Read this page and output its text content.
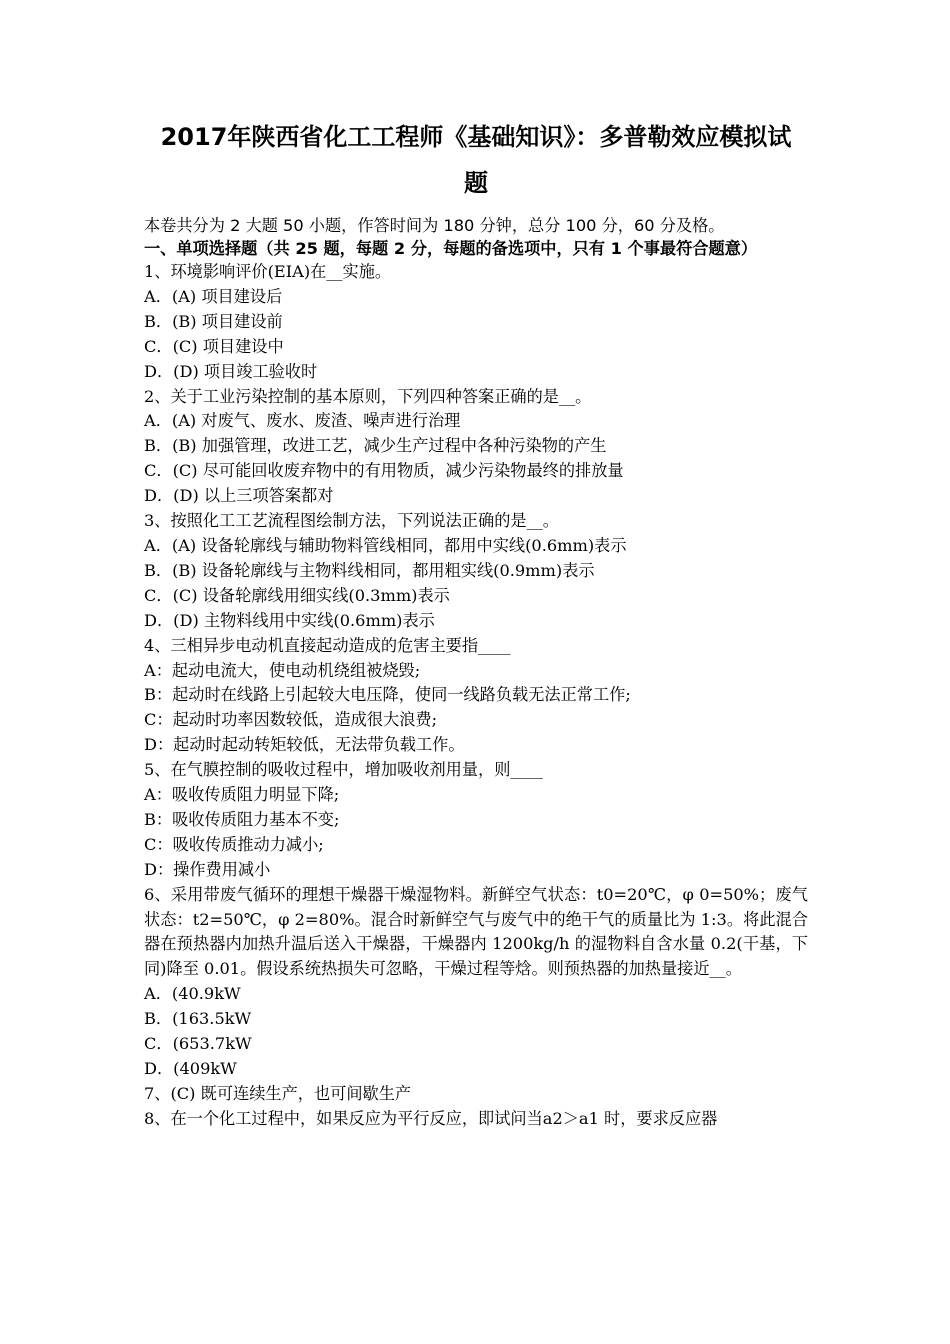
2017年陕西省化工工程师《基础知识》：多普勒效应模拟试
题
本卷共分为 2 大题 50 小题，作答时间为 180 分钟，总分 100 分，60 分及格。
一、单项选择题（共 25 题，每题 2 分，每题的备选项中，只有 1 个事最符合题意）
1、环境影响评价(EIA)在__实施。
A．(A) 项目建设后
B．(B) 项目建设前
C．(C) 项目建设中
D．(D) 项目竣工验收时
2、关于工业污染控制的基本原则，下列四种答案正确的是__。
A．(A) 对废气、废水、废渣、噪声进行治理
B．(B) 加强管理，改进工艺，减少生产过程中各种污染物的产生
C．(C) 尽可能回收废弃物中的有用物质，减少污染物最终的排放量
D．(D) 以上三项答案都对
3、按照化工工艺流程图绘制方法，下列说法正确的是__。
A．(A) 设备轮廓线与辅助物料管线相同，都用中实线(0.6mm)表示
B．(B) 设备轮廓线与主物料线相同，都用粗实线(0.9mm)表示
C．(C) 设备轮廓线用细实线(0.3mm)表示
D．(D) 主物料线用中实线(0.6mm)表示
4、三相异步电动机直接起动造成的危害主要指____
A：起动电流大，使电动机绕组被烧毁;
B：起动时在线路上引起较大电压降，使同一线路负载无法正常工作;
C：起动时功率因数较低，造成很大浪费;
D：起动时起动转矩较低，无法带负载工作。
5、在气膜控制的吸收过程中，增加吸收剂用量，则____
A：吸收传质阻力明显下降;
B：吸收传质阻力基本不变;
C：吸收传质推动力减小;
D：操作费用减小
6、采用带废气循环的理想干燥器干燥湿物料。新鲜空气状态：t0=20℃，φ 0=50%；废气状态：t2=50℃，φ 2=80%。混合时新鲜空气与废气中的绝干气的质量比为 1:3。将此混合器在预热器内加热升温后送入干燥器，干燥器内 1200kg/h 的湿物料自含水量 0.2(干基，下同)降至 0.01。假设系统热损失可忽略，干燥过程等焓。则预热器的加热量接近__。
A．(40.9kW
B．(163.5kW
C．(653.7kW
D．(409kW
7、(C) 既可连续生产，也可间歇生产
8、在一个化工过程中，如果反应为平行反应，即试问当a2＞a1 时，要求反应器
